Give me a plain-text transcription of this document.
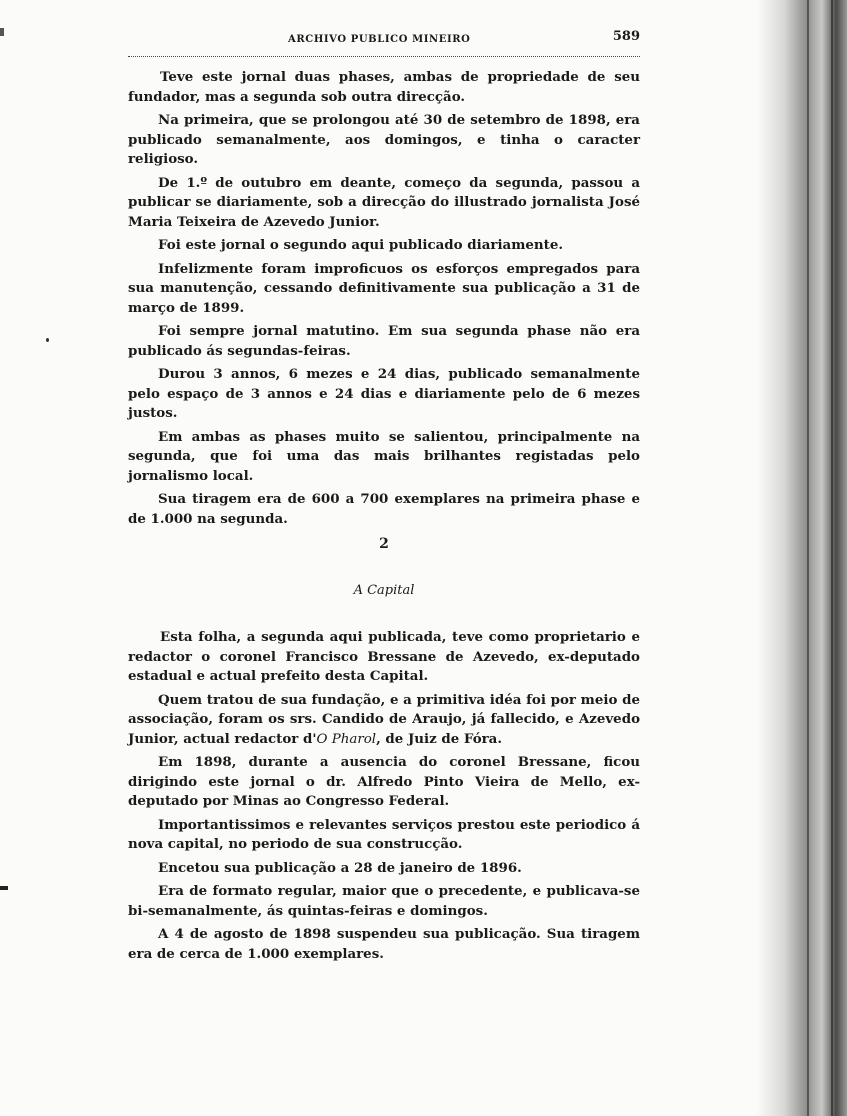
ARCHIVO PUBLICO MINEIRO	589

Teve este jornal duas phases, ambas de propriedade de seu fundador, mas a segunda sob outra direcção.

Na primeira, que se prolongou até 30 de setembro de 1898, era publicado semanalmente, aos domingos, e tinha o caracter religioso.

De 1.º de outubro em deante, começo da segunda, passou a publicar se diariamente, sob a direcção do illustrado jornalista José Maria Teixeira de Azevedo Junior.

Foi este jornal o segundo aqui publicado diariamente.

Infelizmente foram improficuos os esforços empregados para sua manutenção, cessando definitivamente sua publicação a 31 de março de 1899.

Foi sempre jornal matutino. Em sua segunda phase não era publicado ás segundas-feiras.

Durou 3 annos, 6 mezes e 24 dias, publicado semanalmente pelo espaço de 3 annos e 24 dias e diariamente pelo de 6 mezes justos.

Em ambas as phases muito se salientou, principalmente na segunda, que foi uma das mais brilhantes registadas pelo jornalismo local.

Sua tiragem era de 600 a 700 exemplares na primeira phase e de 1.000 na segunda.

2
A Capital

Esta folha, a segunda aqui publicada, teve como proprietario e redactor o coronel Francisco Bressane de Azevedo, ex-deputado estadual e actual prefeito desta Capital.

Quem tratou de sua fundação, e a primitiva idéa foi por meio de associação, foram os srs. Candido de Araujo, já fallecido, e Azevedo Junior, actual redactor d'O Pharol, de Juiz de Fóra.

Em 1898, durante a ausencia do coronel Bressane, ficou dirigindo este jornal o dr. Alfredo Pinto Vieira de Mello, ex-deputado por Minas ao Congresso Federal.

Importantissimos e relevantes serviços prestou este periodico á nova capital, no periodo de sua construcção.

Encetou sua publicação a 28 de janeiro de 1896.

Era de formato regular, maior que o precedente, e publicava-se bi-semanalmente, ás quintas-feiras e domingos.

A 4 de agosto de 1898 suspendeu sua publicação. Sua tiragem era de cerca de 1.000 exemplares.
